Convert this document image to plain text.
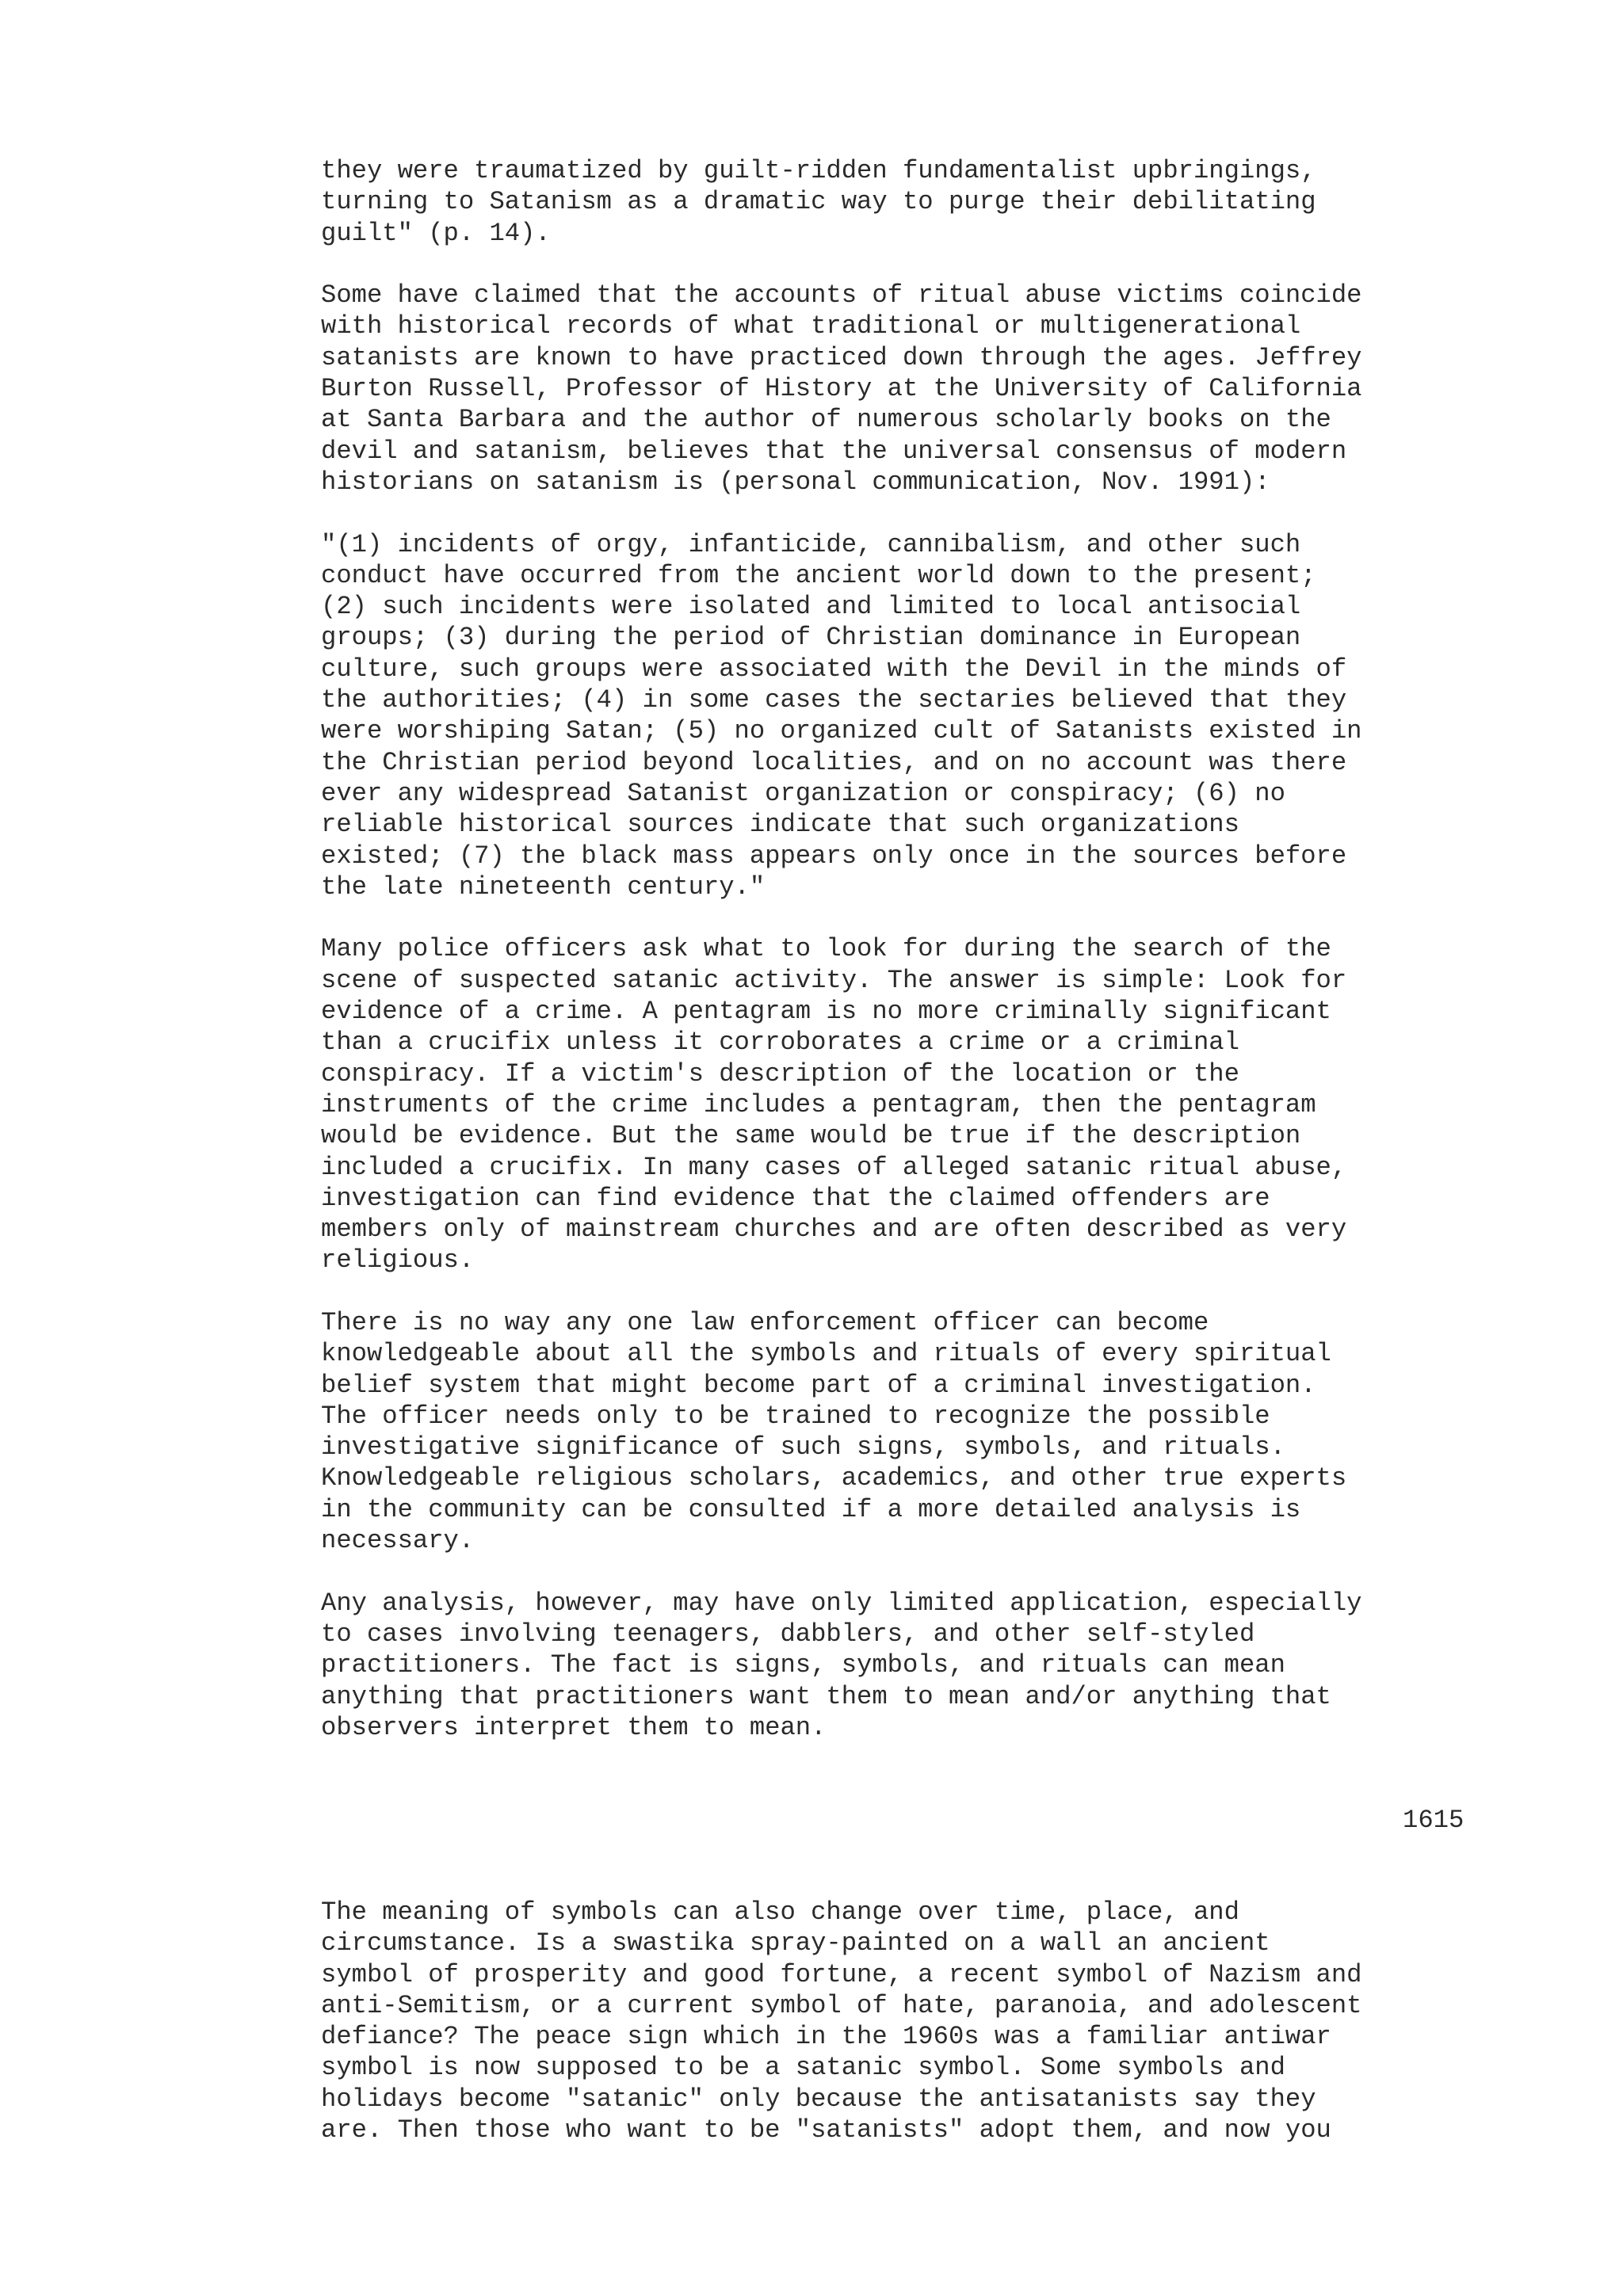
they were traumatized by guilt-ridden fundamentalist upbringings,
turning to Satanism as a dramatic way to purge their debilitating
guilt" (p. 14).
Some have claimed that the accounts of ritual abuse victims coincide
with historical records of what traditional or multigenerational
satanists are known to have practiced down through the ages. Jeffrey
Burton Russell, Professor of History at the University of California
at Santa Barbara and the author of numerous scholarly books on the
devil and satanism, believes that the universal consensus of modern
historians on satanism is (personal communication, Nov. 1991):
"(1) incidents of orgy, infanticide, cannibalism, and other such
conduct have occurred from the ancient world down to the present;
(2) such incidents were isolated and limited to local antisocial
groups; (3) during the period of Christian dominance in European
culture, such groups were associated with the Devil in the minds of
the authorities; (4) in some cases the sectaries believed that they
were worshiping Satan; (5) no organized cult of Satanists existed in
the Christian period beyond localities, and on no account was there
ever any widespread Satanist organization or conspiracy; (6) no
reliable historical sources indicate that such organizations
existed; (7) the black mass appears only once in the sources before
the late nineteenth century."
Many police officers ask what to look for during the search of the
scene of suspected satanic activity. The answer is simple: Look for
evidence of a crime. A pentagram is no more criminally significant
than a crucifix unless it corroborates a crime or a criminal
conspiracy. If a victim's description of the location or the
instruments of the crime includes a pentagram, then the pentagram
would be evidence. But the same would be true if the description
included a crucifix. In many cases of alleged satanic ritual abuse,
investigation can find evidence that the claimed offenders are
members only of mainstream churches and are often described as very
religious.
There is no way any one law enforcement officer can become
knowledgeable about all the symbols and rituals of every spiritual
belief system that might become part of a criminal investigation.
The officer needs only to be trained to recognize the possible
investigative significance of such signs, symbols, and rituals.
Knowledgeable religious scholars, academics, and other true experts
in the community can be consulted if a more detailed analysis is
necessary.
Any analysis, however, may have only limited application, especially
to cases involving teenagers, dabblers, and other self-styled
practitioners. The fact is signs, symbols, and rituals can mean
anything that practitioners want them to mean and/or anything that
observers interpret them to mean.
1615
The meaning of symbols can also change over time, place, and
circumstance. Is a swastika spray-painted on a wall an ancient
symbol of prosperity and good fortune, a recent symbol of Nazism and
anti-Semitism, or a current symbol of hate, paranoia, and adolescent
defiance? The peace sign which in the 1960s was a familiar antiwar
symbol is now supposed to be a satanic symbol. Some symbols and
holidays become "satanic" only because the antisatanists say they
are. Then those who want to be "satanists" adopt them, and now you
